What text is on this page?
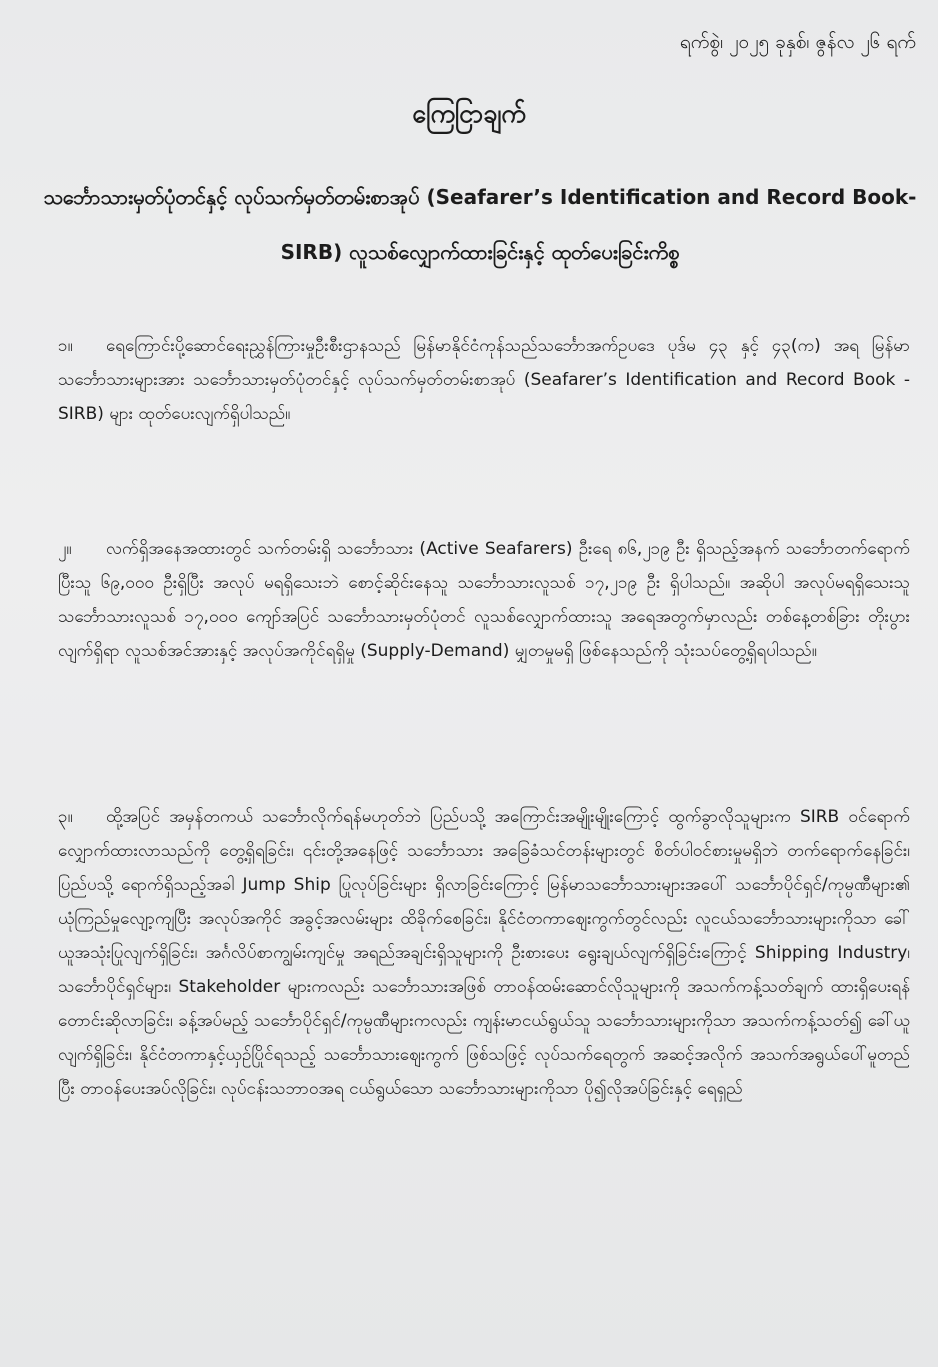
ရက်စွဲ၊ ၂၀၂၅ ခုနှစ်၊ ဇွန်လ ၂၆ ရက်
ကြေငြာချက်
သင်္ဘောသားမှတ်ပုံတင်နှင့် လုပ်သက်မှတ်တမ်းစာအုပ် (Seafarer’s Identification and Record Book-SIRB) လူသစ်လျှောက်ထားခြင်းနှင့် ထုတ်ပေးခြင်းကိစ္စ

၁။ ရေကြောင်းပို့ဆောင်ရေးညွှန်ကြားမှုဦးစီးဌာနသည် မြန်မာနိုင်ငံကုန်သည်သင်္ဘောအက်ဥပဒေ ပုဒ်မ ၄၃ နှင့် ၄၃(က) အရ မြန်မာသင်္ဘောသားများအား သင်္ဘောသားမှတ်ပုံတင်နှင့် လုပ်သက်မှတ်တမ်းစာအုပ် (Seafarer’s Identification and Record Book - SIRB) များ ထုတ်ပေးလျက်ရှိပါသည်။

၂။ လက်ရှိအနေအထားတွင် သက်တမ်းရှိ သင်္ဘောသား (Active Seafarers) ဦးရေ ၈၆,၂၁၉ ဦး ရှိသည့်အနက် သင်္ဘောတက်ရောက်ပြီးသူ ၆၉,၀၀၀ ဦးရှိပြီး အလုပ် မရရှိသေးဘဲ စောင့်ဆိုင်းနေသူ သင်္ဘောသားလူသစ် ၁၇,၂၁၉ ဦး ရှိပါသည်။ အဆိုပါ အလုပ်မရရှိသေးသူ သင်္ဘောသားလူသစ် ၁၇,၀၀၀ ကျော်အပြင် သင်္ဘောသားမှတ်ပုံတင် လူသစ်လျှောက်ထားသူ အရေအတွက်မှာလည်း တစ်နေ့တစ်ခြား တိုးပွားလျက်ရှိရာ လူသစ်အင်အားနှင့် အလုပ်အကိုင်ရရှိမှု (Supply-Demand) မျှတမှုမရှိ ဖြစ်နေသည်ကို သုံးသပ်တွေ့ရှိရပါသည်။

၃။ ထို့အပြင် အမှန်တကယ် သင်္ဘောလိုက်ရန်မဟုတ်ဘဲ ပြည်ပသို့ အကြောင်းအမျိုးမျိုးကြောင့် ထွက်ခွာလိုသူများက SIRB ဝင်ရောက်လျှောက်ထားလာသည်ကို တွေ့ရှိရခြင်း၊ ၎င်းတို့အနေဖြင့် သင်္ဘောသား အခြေခံသင်တန်းများတွင် စိတ်ပါဝင်စားမှုမရှိဘဲ တက်ရောက်နေခြင်း၊ ပြည်ပသို့ ရောက်ရှိသည့်အခါ Jump Ship ပြုလုပ်ခြင်းများ ရှိလာခြင်းကြောင့် မြန်မာသင်္ဘောသားများအပေါ် သင်္ဘောပိုင်ရှင်/ကုမ္ပဏီများ၏ ယုံကြည်မှုလျော့ကျပြီး အလုပ်အကိုင် အခွင့်အလမ်းများ ထိခိုက်စေခြင်း၊ နိုင်ငံတကာဈေးကွက်တွင်လည်း လူငယ်သင်္ဘောသားများကိုသာ ခေါ်ယူအသုံးပြုလျက်ရှိခြင်း၊ အင်္ဂလိပ်စာကျွမ်းကျင်မှု အရည်အချင်းရှိသူများကို ဦးစားပေး ရွေးချယ်လျက်ရှိခြင်းကြောင့် Shipping Industry၊ သင်္ဘောပိုင်ရှင်များ၊ Stakeholder များကလည်း သင်္ဘောသားအဖြစ် တာဝန်ထမ်းဆောင်လိုသူများကို အသက်ကန့်သတ်ချက် ထားရှိပေးရန် တောင်းဆိုလာခြင်း၊ ခန့်အပ်မည့် သင်္ဘောပိုင်ရှင်/ကုမ္ပဏီများကလည်း ကျန်းမာငယ်ရွယ်သူ သင်္ဘောသားများကိုသာ အသက်ကန့်သတ်၍ ခေါ်ယူလျက်ရှိခြင်း၊ နိုင်ငံတကာနှင့်ယှဉ်ပြိုင်ရသည့် သင်္ဘောသားဈေးကွက် ဖြစ်သဖြင့် လုပ်သက်ရေတွက် အဆင့်အလိုက် အသက်အရွယ်ပေါ်မူတည်ပြီး တာဝန်ပေးအပ်လိုခြင်း၊ လုပ်ငန်းသဘာဝအရ ငယ်ရွယ်သော သင်္ဘောသားများကိုသာ ပို၍လိုအပ်ခြင်းနှင့် ရေရှည်
